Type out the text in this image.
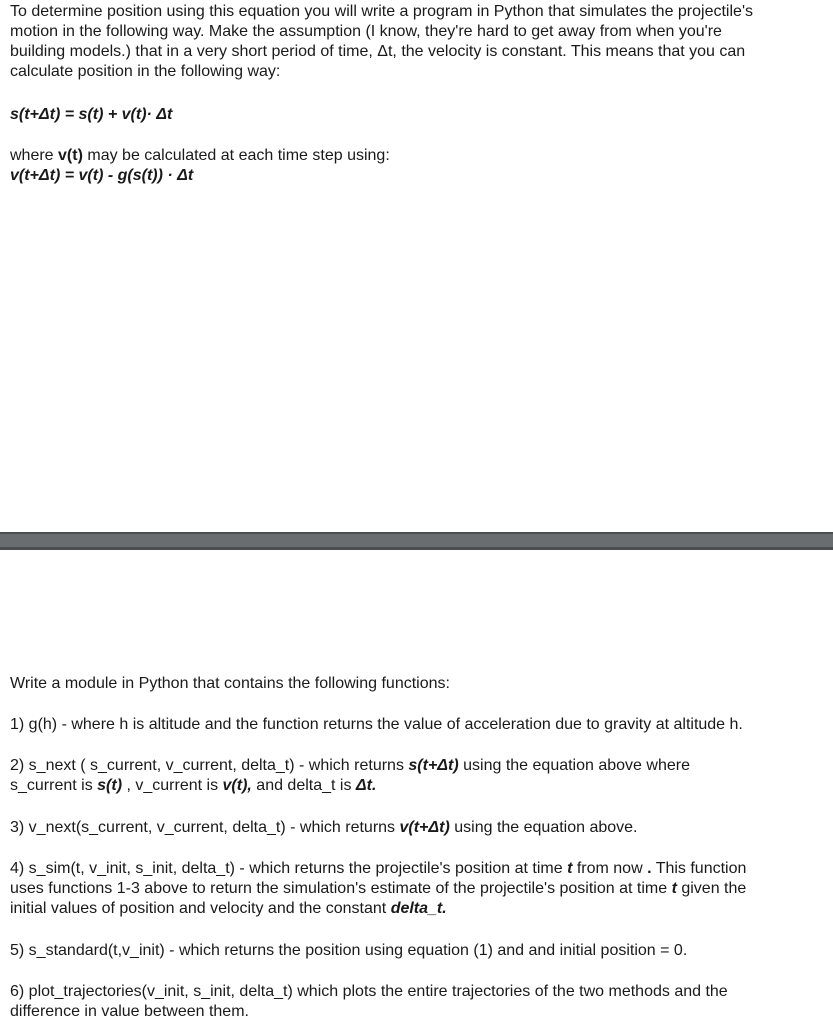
To determine position using this equation you will write a program in Python that simulates the projectile's
motion in the following way. Make the assumption (I know, they're hard to get away from when you're
building models.) that in a very short period of time, Δt, the velocity is constant. This means that you can
calculate position in the following way:
s(t+Δt) = s(t) + v(t)· Δt
where v(t) may be calculated at each time step using:
v(t+Δt) = v(t) - g(s(t)) · Δt
Write a module in Python that contains the following functions:
1) g(h) - where h is altitude and the function returns the value of acceleration due to gravity at altitude h.
2) s_next ( s_current, v_current, delta_t) - which returns s(t+Δt) using the equation above where
s_current is s(t) , v_current is v(t), and delta_t is Δt.
3) v_next(s_current, v_current, delta_t) - which returns v(t+Δt) using the equation above.
4) s_sim(t, v_init, s_init, delta_t) - which returns the projectile's position at time t from now . This function
uses functions 1-3 above to return the simulation's estimate of the projectile's position at time t given the
initial values of position and velocity and the constant delta_t.
5) s_standard(t,v_init) - which returns the position using equation (1) and and initial position = 0.
6) plot_trajectories(v_init, s_init, delta_t) which plots the entire trajectories of the two methods and the
difference in value between them.
